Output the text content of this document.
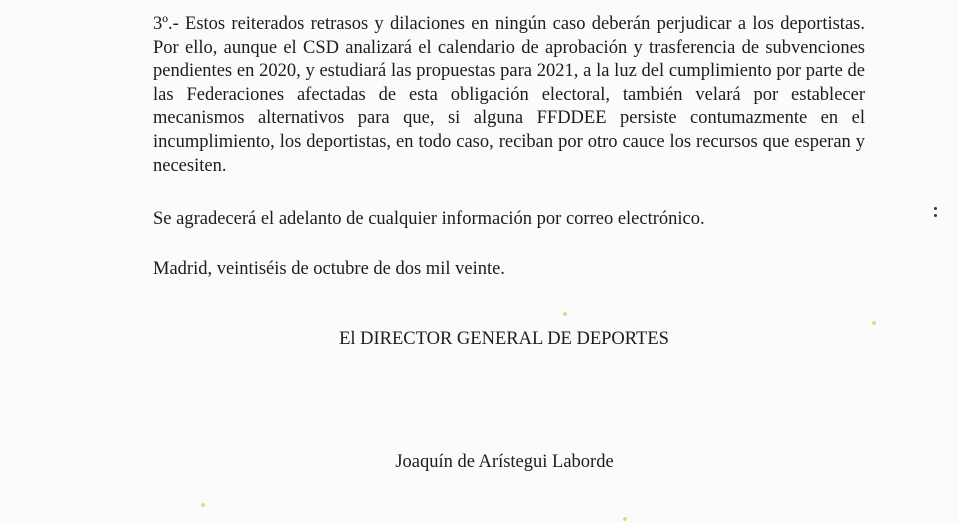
3º.- Estos reiterados retrasos y dilaciones en ningún caso deberán perjudicar a los deportistas. Por ello, aunque el CSD analizará el calendario de aprobación y trasferencia de subvenciones pendientes en 2020, y estudiará las propuestas para 2021, a la luz del cumplimiento por parte de las Federaciones afectadas de esta obligación electoral, también velará por establecer mecanismos alternativos para que, si alguna FFDDEE persiste contumazmente en el incumplimiento, los deportistas, en todo caso, reciban por otro cauce los recursos que esperan y necesiten.

Se agradecerá el adelanto de cualquier información por correo electrónico.

Madrid, veintiséis de octubre de dos mil veinte.

El DIRECTOR GENERAL DE DEPORTES

Joaquín de Arístegui Laborde
